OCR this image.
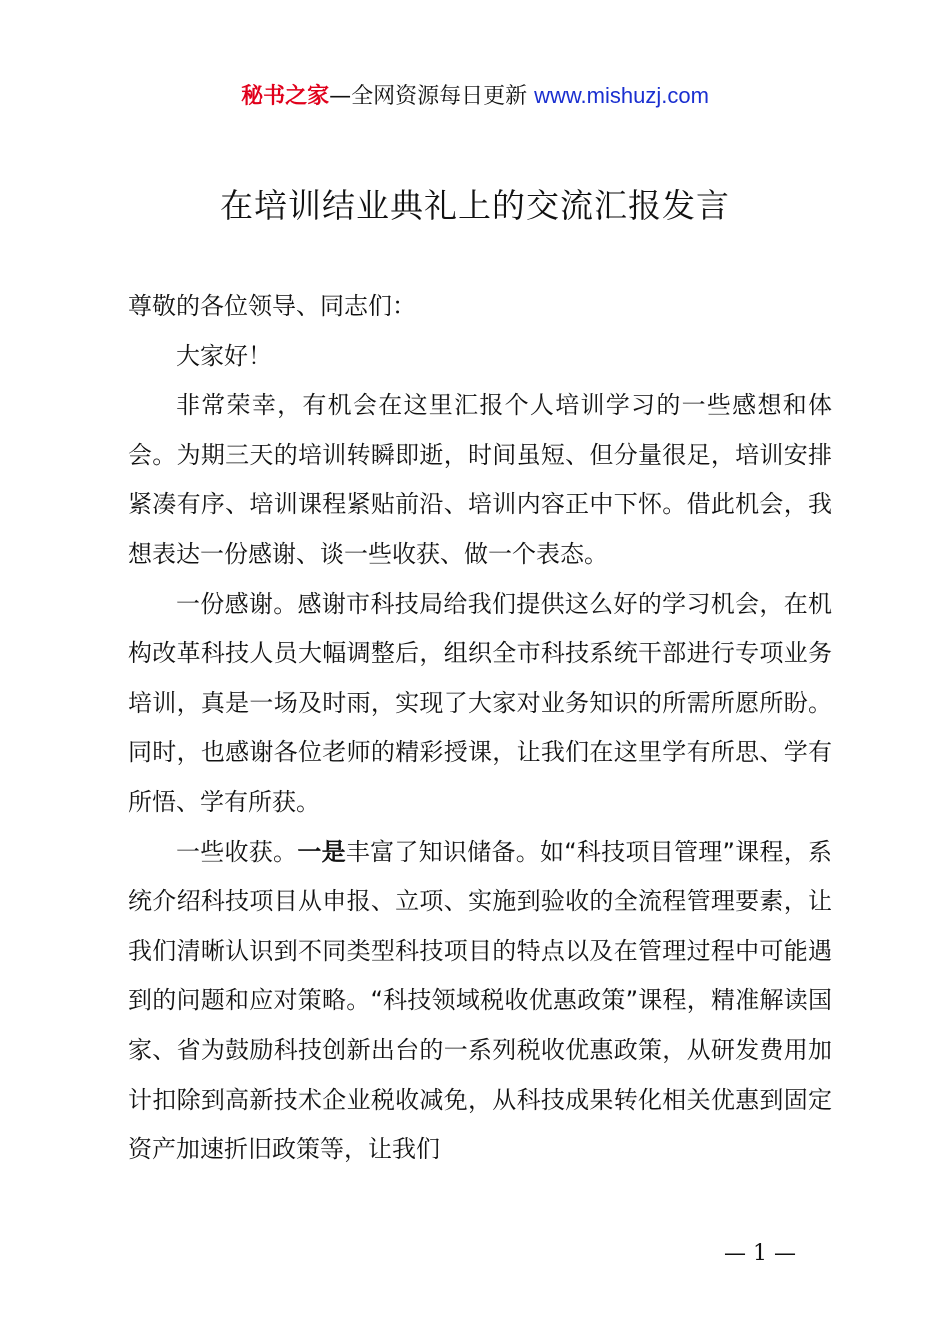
秘书之家—全网资源每日更新 www.mishuzj.com
在培训结业典礼上的交流汇报发言

尊敬的各位领导、同志们：

大家好！

非常荣幸，有机会在这里汇报个人培训学习的一些感想和体会。为期三天的培训转瞬即逝，时间虽短、但分量很足，培训安排紧凑有序、培训课程紧贴前沿、培训内容正中下怀。借此机会，我想表达一份感谢、谈一些收获、做一个表态。

一份感谢。感谢市科技局给我们提供这么好的学习机会，在机构改革科技人员大幅调整后，组织全市科技系统干部进行专项业务培训，真是一场及时雨，实现了大家对业务知识的所需所愿所盼。同时，也感谢各位老师的精彩授课，让我们在这里学有所思、学有所悟、学有所获。

一些收获。一是丰富了知识储备。如“科技项目管理”课程，系统介绍科技项目从申报、立项、实施到验收的全流程管理要素，让我们清晰认识到不同类型科技项目的特点以及在管理过程中可能遇到的问题和应对策略。“科技领域税收优惠政策”课程，精准解读国家、省为鼓励科技创新出台的一系列税收优惠政策，从研发费用加计扣除到高新技术企业税收减免，从科技成果转化相关优惠到固定资产加速折旧政策等，让我们

— 1 —
